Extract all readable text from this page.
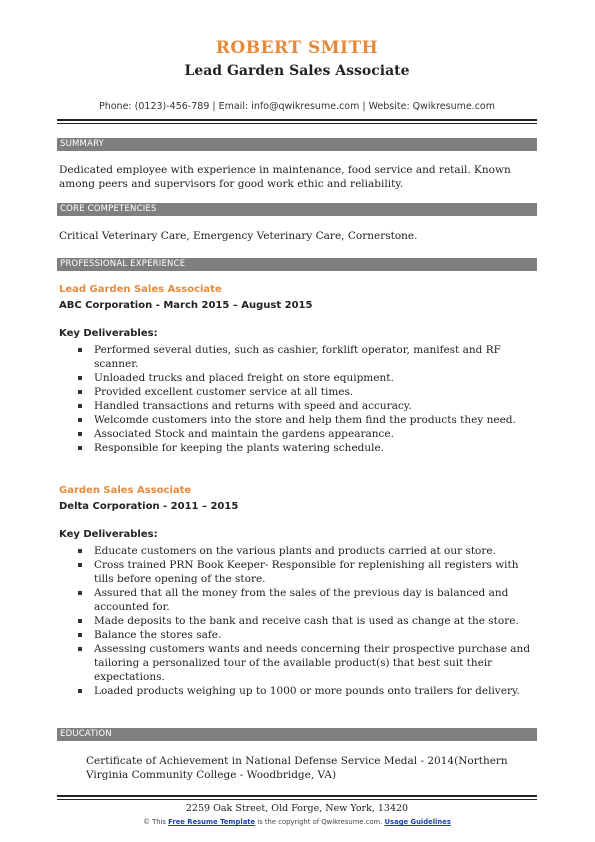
ROBERT SMITH
Lead Garden Sales Associate
Phone: (0123)-456-789 | Email: info@qwikresume.com | Website: Qwikresume.com
SUMMARY
Dedicated employee with experience in maintenance, food service and retail. Known among peers and supervisors for good work ethic and reliability.
CORE COMPETENCIES
Critical Veterinary Care, Emergency Veterinary Care, Cornerstone.
PROFESSIONAL EXPERIENCE
Lead Garden Sales Associate
ABC Corporation - March 2015 – August 2015
Key Deliverables:
Performed several duties, such as cashier, forklift operator, manifest and RF scanner.
Unloaded trucks and placed freight on store equipment.
Provided excellent customer service at all times.
Handled transactions and returns with speed and accuracy.
Welcomde customers into the store and help them find the products they need.
Associated Stock and maintain the gardens appearance.
Responsible for keeping the plants watering schedule.
Garden Sales Associate
Delta Corporation - 2011 – 2015
Key Deliverables:
Educate customers on the various plants and products carried at our store.
Cross trained PRN Book Keeper- Responsible for replenishing all registers with tills before opening of the store.
Assured that all the money from the sales of the previous day is balanced and accounted for.
Made deposits to the bank and receive cash that is used as change at the store.
Balance the stores safe.
Assessing customers wants and needs concerning their prospective purchase and tailoring a personalized tour of the available product(s) that best suit their expectations.
Loaded products weighing up to 1000 or more pounds onto trailers for delivery.
EDUCATION
Certificate of Achievement in National Defense Service Medal - 2014(Northern Virginia Community College - Woodbridge, VA)
2259 Oak Street, Old Forge, New York, 13420
© This Free Resume Template is the copyright of Qwikresume.com. Usage Guidelines
